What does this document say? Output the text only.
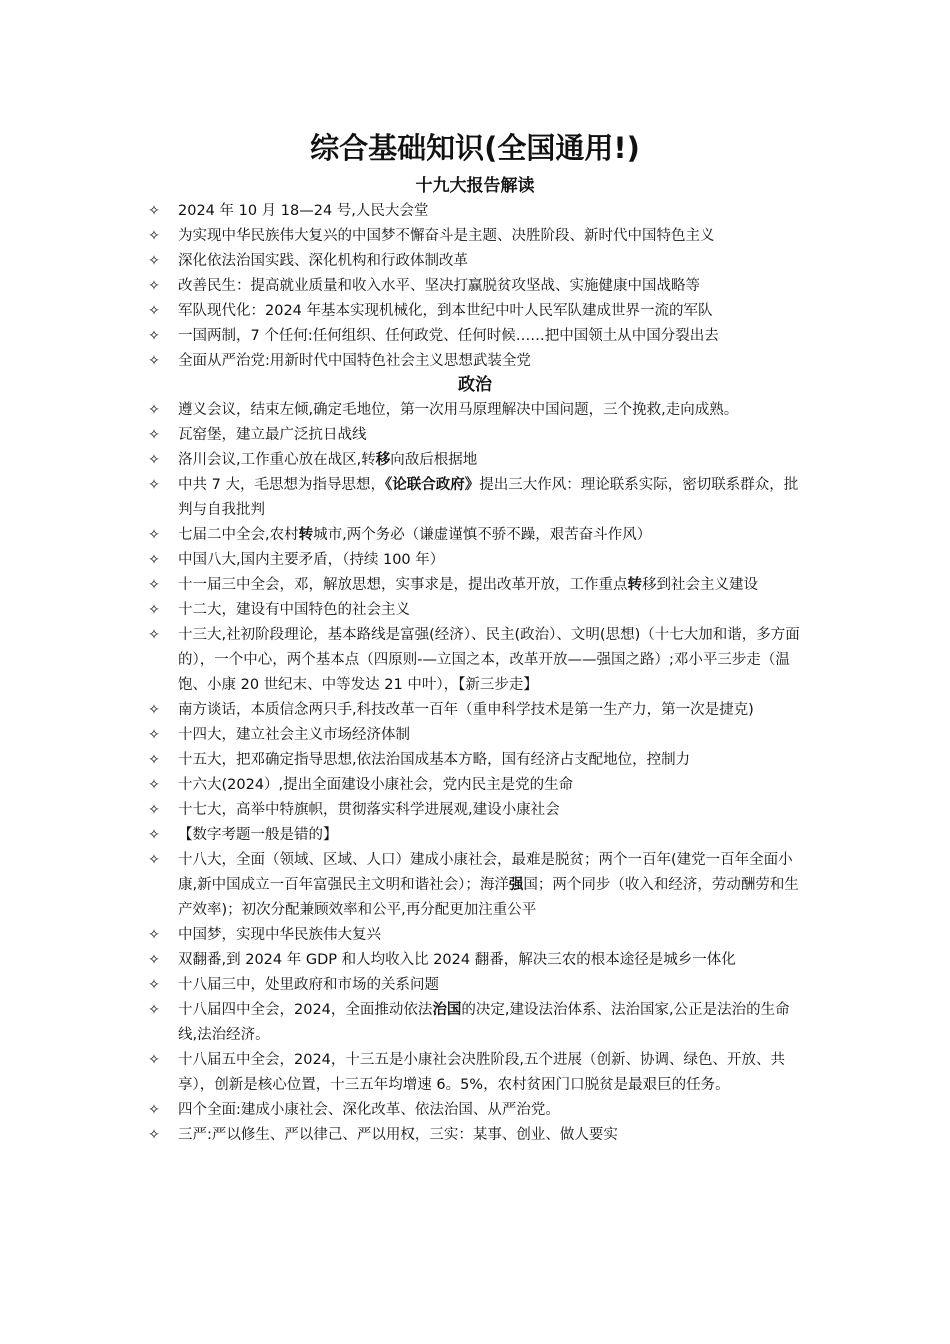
综合基础知识(全国通用!)
十九大报告解读
✧ 2024 年 10 月 18—24 号,人民大会堂
✧ 为实现中华民族伟大复兴的中国梦不懈奋斗是主题、决胜阶段、新时代中国特色主义
✧ 深化依法治国实践、深化机构和行政体制改革
✧ 改善民生：提高就业质量和收入水平、坚决打赢脱贫攻坚战、实施健康中国战略等
✧ 军队现代化：2024 年基本实现机械化，到本世纪中叶人民军队建成世界一流的军队
✧ 一国两制，7 个任何:任何组织、任何政党、任何时候……把中国领土从中国分裂出去
✧ 全面从严治党:用新时代中国特色社会主义思想武装全党
政治
✧ 遵义会议，结束左倾,确定毛地位，第一次用马原理解决中国问题，三个挽救,走向成熟。
✧ 瓦窑堡，建立最广泛抗日战线
✧ 洛川会议,工作重心放在战区,转移向敌后根据地
✧ 中共 7 大，毛思想为指导思想，《论联合政府》提出三大作风：理论联系实际，密切联系群众，批判与自我批判
✧ 七届二中全会,农村转城市,两个务必（谦虚谨慎不骄不躁，艰苦奋斗作风）
✧ 中国八大,国内主要矛盾，（持续 100 年）
✧ 十一届三中全会，邓，解放思想，实事求是，提出改革开放，工作重点转移到社会主义建设
✧ 十二大，建设有中国特色的社会主义
✧ 十三大,社初阶段理论，基本路线是富强(经济）、民主(政治）、文明(思想)（十七大加和谐，多方面的），一个中心，两个基本点（四原则-—立国之本，改革开放——强国之路）;邓小平三步走（温饱、小康 20 世纪末、中等发达 21 中叶），【新三步走】
✧ 南方谈话，本质信念两只手,科技改革一百年（重申科学技术是第一生产力，第一次是捷克)
✧ 十四大，建立社会主义市场经济体制
✧ 十五大，把邓确定指导思想,依法治国成基本方略，国有经济占支配地位，控制力
✧ 十六大(2024）,提出全面建设小康社会，党内民主是党的生命
✧ 十七大，高举中特旗帜，贯彻落实科学进展观,建设小康社会
✧ 【数字考题一般是错的】
✧ 十八大，全面（领域、区域、人口）建成小康社会，最难是脱贫；两个一百年(建党一百年全面小康,新中国成立一百年富强民主文明和谐社会）；海洋强国；两个同步（收入和经济，劳动酬劳和生产效率)；初次分配兼顾效率和公平,再分配更加注重公平
✧ 中国梦，实现中华民族伟大复兴
✧ 双翻番,到 2024 年 GDP 和人均收入比 2024 翻番，解决三农的根本途径是城乡一体化
✧ 十八届三中，处里政府和市场的关系问题
✧ 十八届四中全会，2024，全面推动依法治国的决定,建设法治体系、法治国家,公正是法治的生命线,法治经济。
✧ 十八届五中全会，2024，十三五是小康社会决胜阶段,五个进展（创新、协调、绿色、开放、共享），创新是核心位置，十三五年均增速 6。5%，农村贫困门口脱贫是最艰巨的任务。
✧ 四个全面:建成小康社会、深化改革、依法治国、从严治党。
✧ 三严:严以修生、严以律己、严以用权，三实：某事、创业、做人要实
